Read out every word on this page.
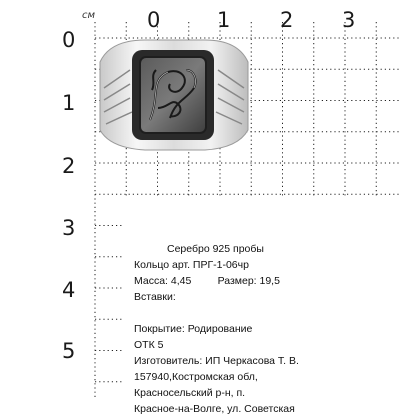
см 0	1 2 3
0
1
2
3
4
5
Серебро 925 пробы
Кольцо арт. ПРГ-1-06чр
Масса: 4,45         Размер: 19,5
Вставки:
Покрытие: Родирование
ОТК 5
Изготовитель: ИП Черкасова Т. В.
157940,Костромская обл,
Красносельский р-н, п.
Красное-на-Волге, ул. Советская
